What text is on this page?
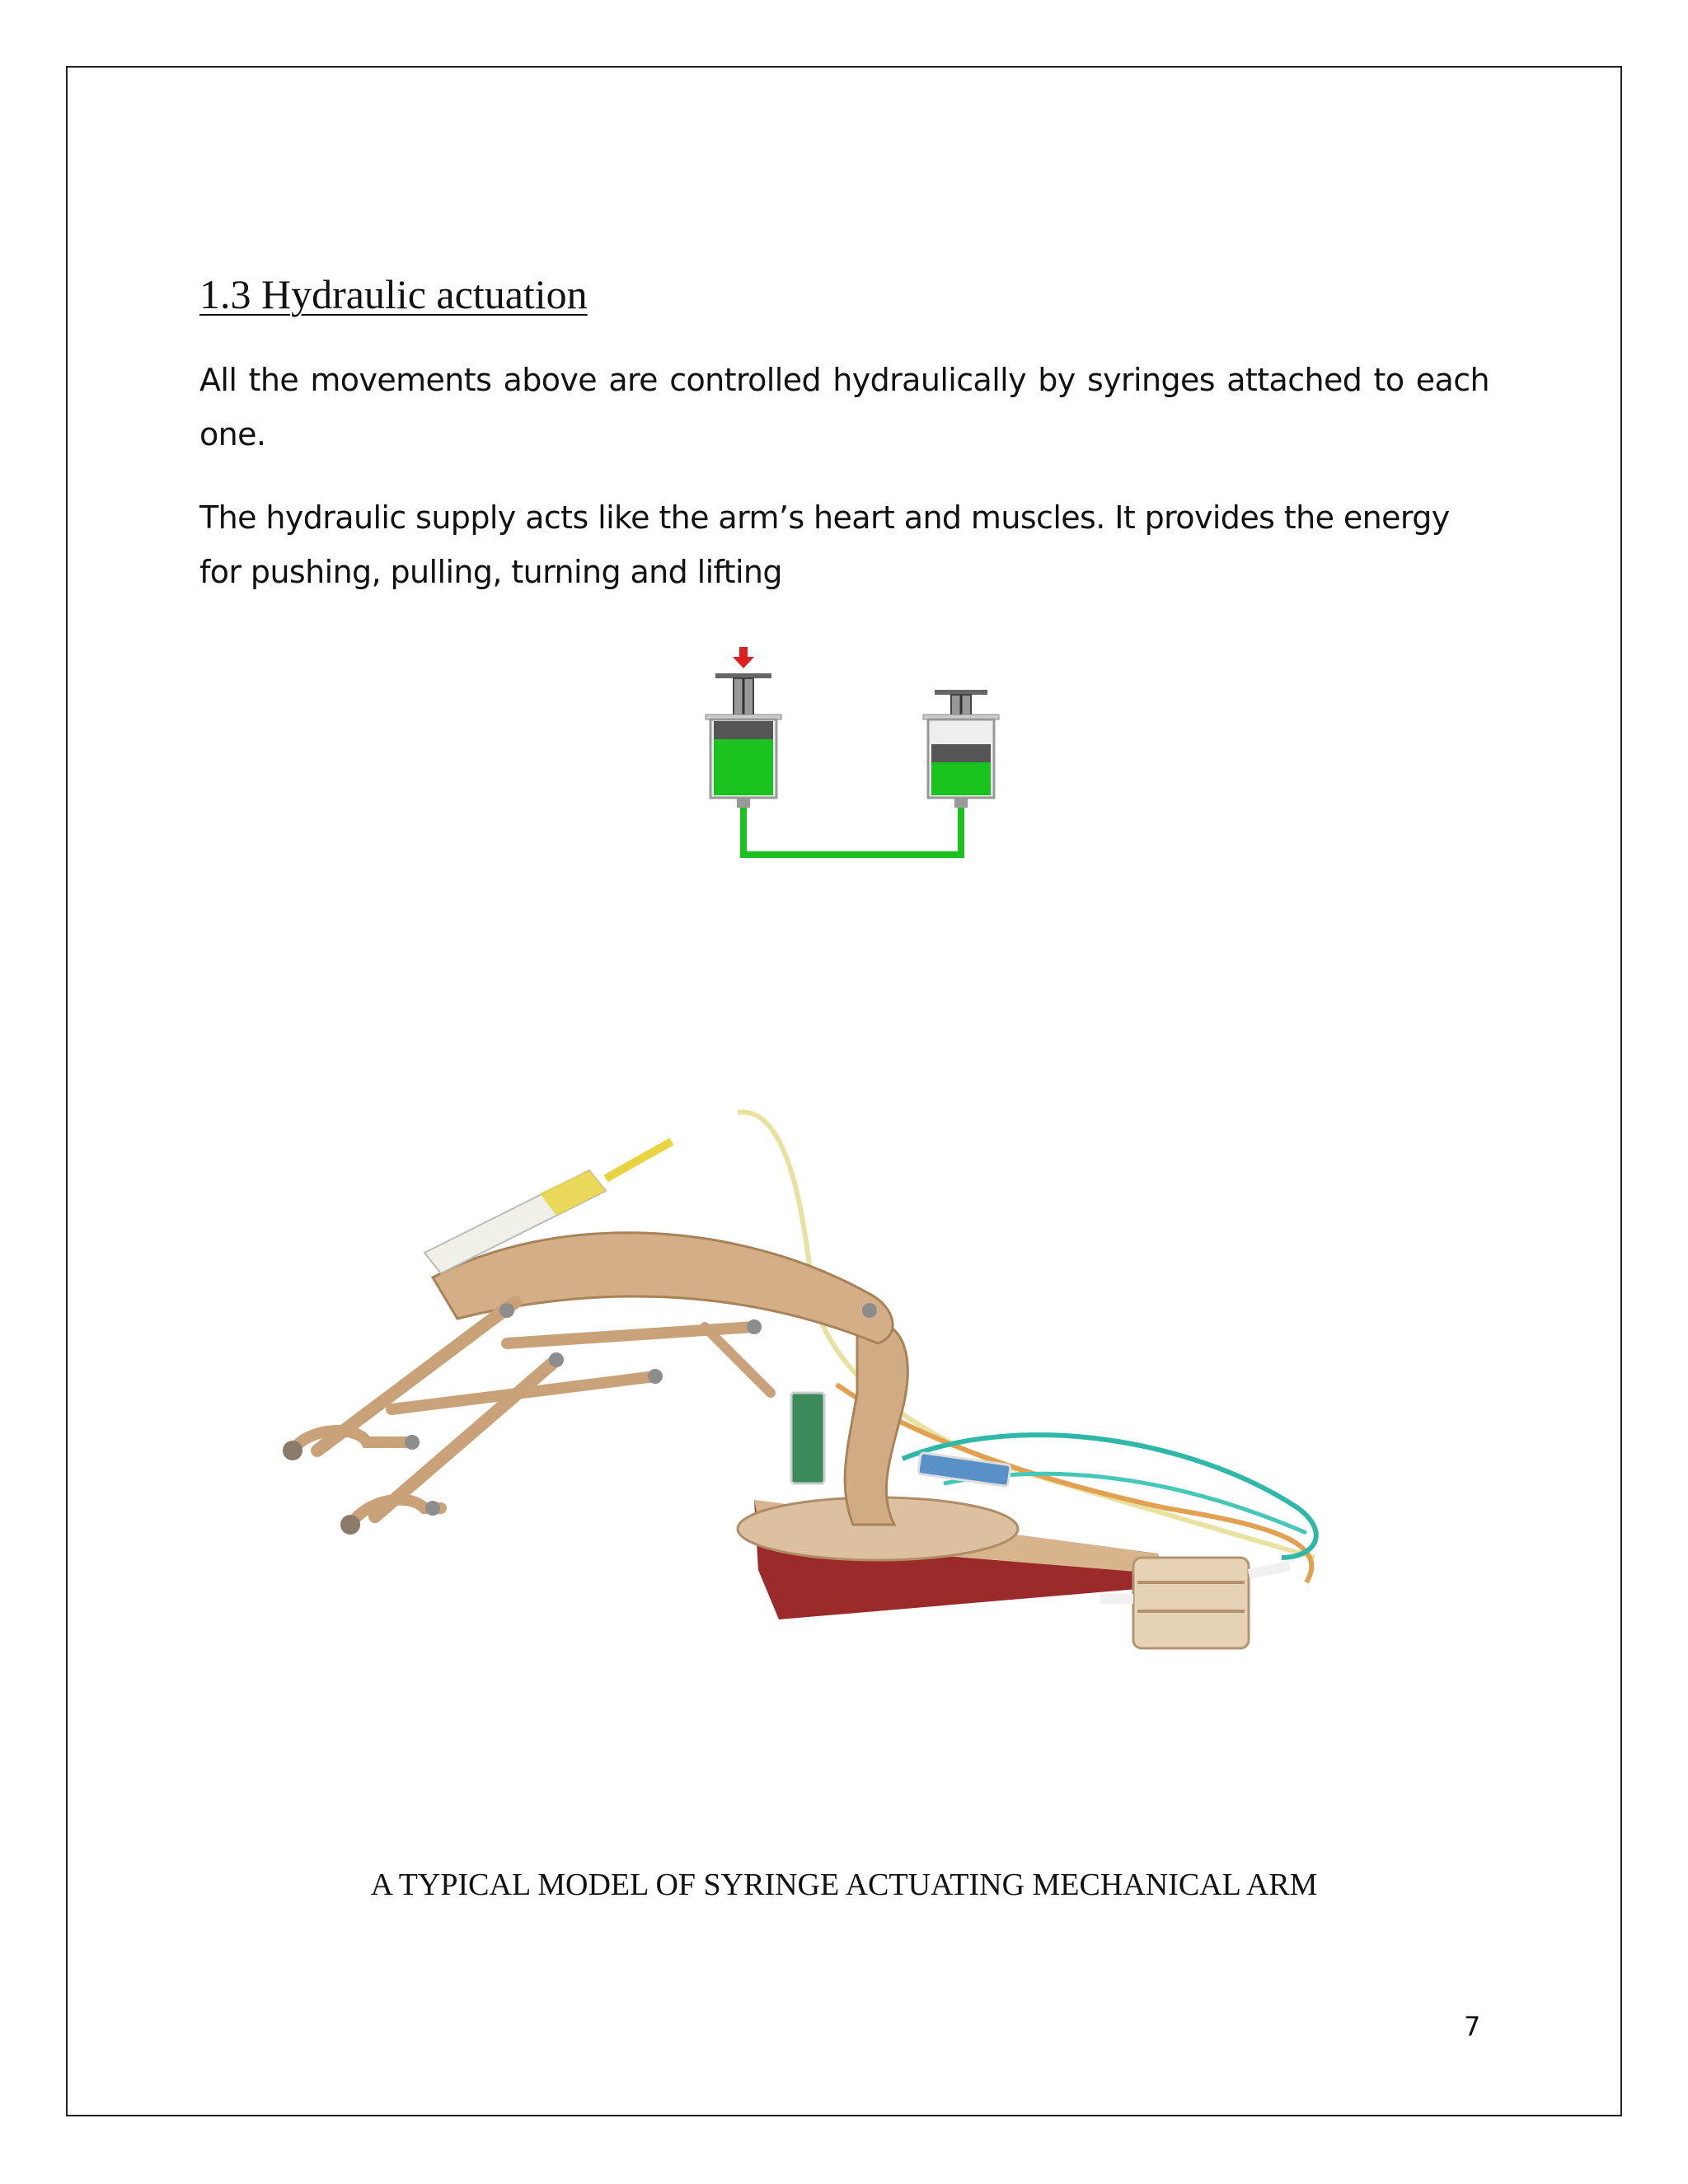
1.3 Hydraulic actuation

All the movements above are controlled hydraulically by syringes attached to each one.

The hydraulic supply acts like the arm’s heart and muscles. It provides the energy for pushing, pulling, turning and lifting

A TYPICAL MODEL OF SYRINGE ACTUATING MECHANICAL ARM

7
